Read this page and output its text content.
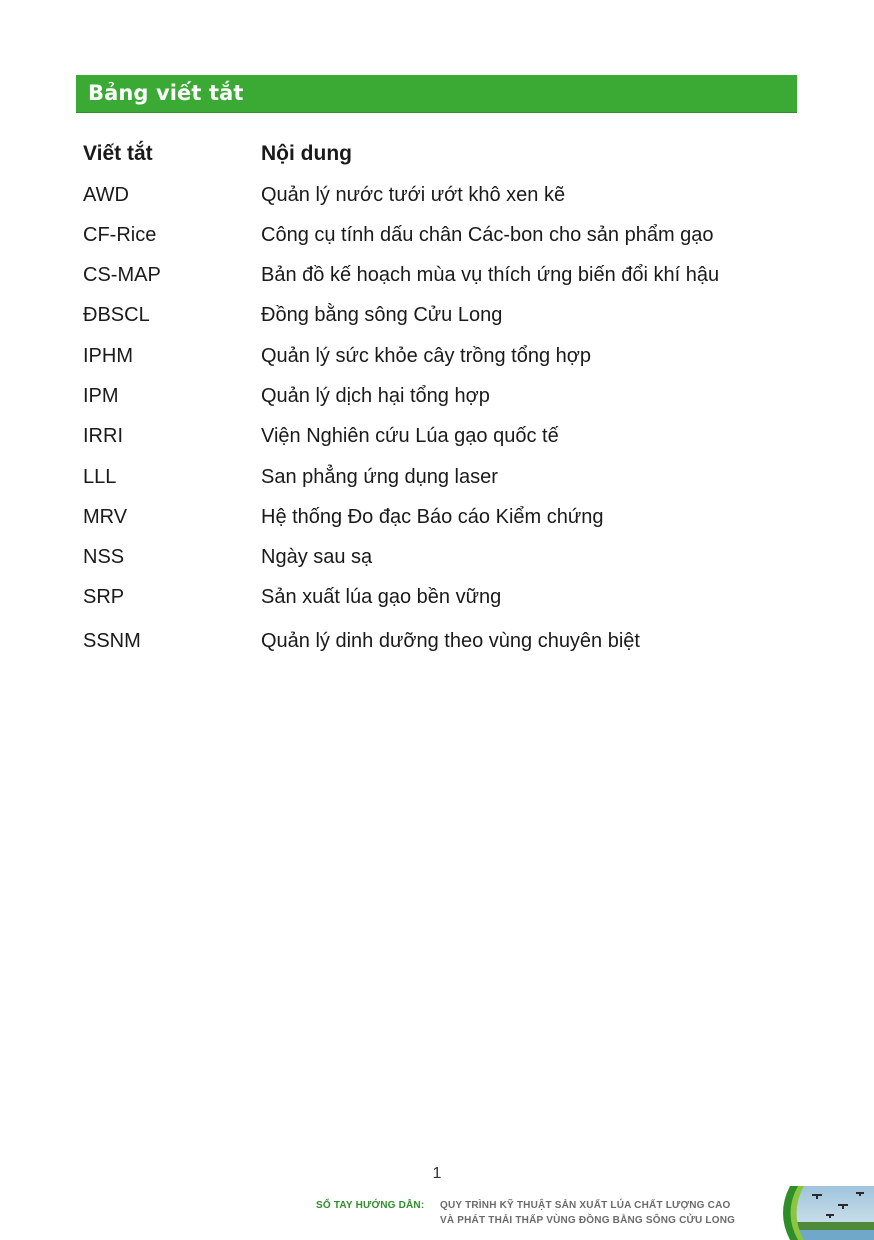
Bảng viết tắt
Viết tắt	Nội dung
AWD	Quản lý nước tưới ướt khô xen kẽ
CF-Rice	Công cụ tính dấu chân Các-bon cho sản phẩm gạo
CS-MAP	Bản đồ kế hoạch mùa vụ thích ứng biến đổi khí hậu
ĐBSCL	Đồng bằng sông Cửu Long
IPHM	Quản lý sức khỏe cây trồng tổng hợp
IPM	Quản lý dịch hại tổng hợp
IRRI	Viện Nghiên cứu Lúa gạo quốc tế
LLL	San phẳng ứng dụng laser
MRV	Hệ thống Đo đạc Báo cáo Kiểm chứng
NSS	Ngày sau sạ
SRP	Sản xuất lúa gạo bền vững
SSNM	Quản lý dinh dưỡng theo vùng chuyên biệt
1
SỔ TAY HƯỚNG DẪN: QUY TRÌNH KỸ THUẬT SẢN XUẤT LÚA CHẤT LƯỢNG CAO
VÀ PHÁT THẢI THẤP VÙNG ĐỒNG BẰNG SÔNG CỬU LONG
